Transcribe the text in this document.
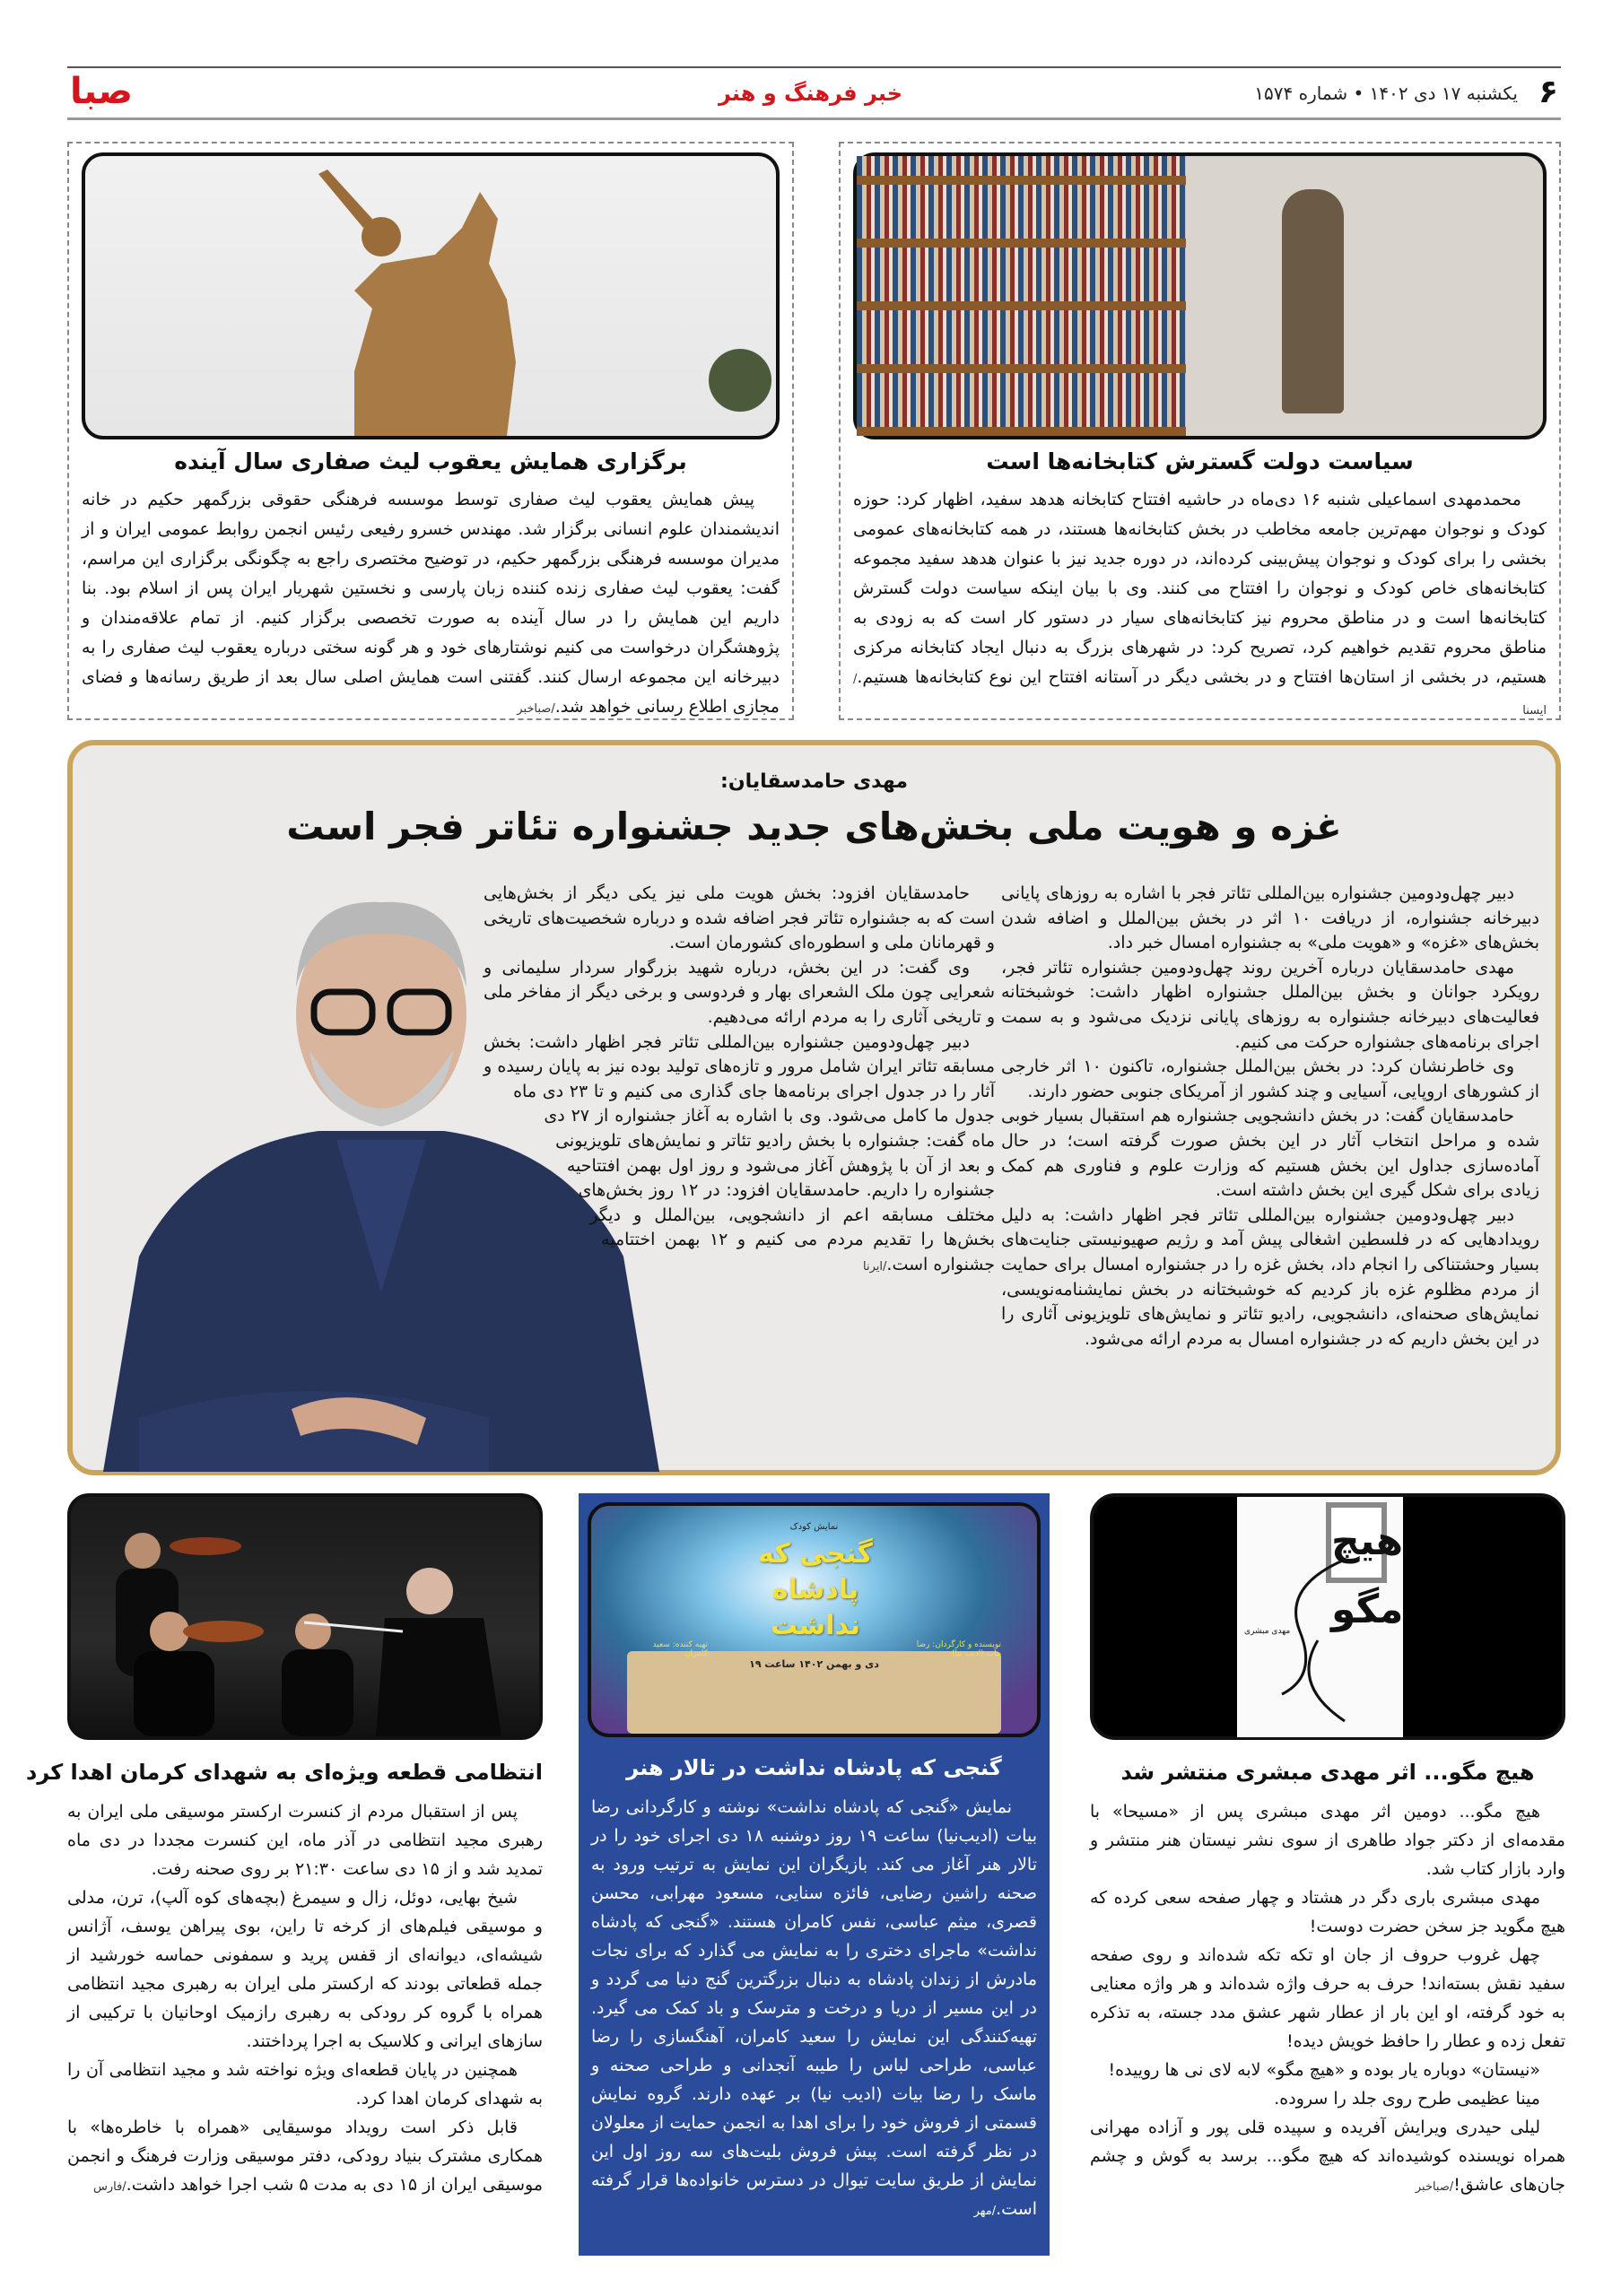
۶
یکشنبه ۱۷ دی ۱۴۰۲ • شماره ۱۵۷۴
خبر فرهنگ و هنر
صبا
سیاست دولت گسترش کتابخانه‌ها است

محمدمهدی اسماعیلی شنبه ۱۶ دی‌ماه در حاشیه افتتاح کتابخانه هدهد سفید، اظهار کرد: حوزه کودک و نوجوان مهم‌ترین جامعه مخاطب در بخش کتابخانه‌ها هستند، در همه کتابخانه‌های عمومی بخشی را برای کودک و نوجوان پیش‌بینی کرده‌اند، در دوره جدید نیز با عنوان هدهد سفید مجموعه کتابخانه‌های خاص کودک و نوجوان را افتتاح می کنند. وی با بیان اینکه سیاست دولت گسترش کتابخانه‌ها است و در مناطق محروم نیز کتابخانه‌های سیار در دستور کار است که به زودی به مناطق محروم تقدیم خواهیم کرد، تصریح کرد: در شهرهای بزرگ به دنبال ایجاد کتابخانه مرکزی هستیم، در بخشی از استان‌ها افتتاح و در بخشی دیگر در آستانه افتتاح این نوع کتابخانه‌ها هستیم./ایسنا

برگزاری همایش یعقوب لیث صفاری سال آینده

پیش همایش یعقوب لیث صفاری توسط موسسه فرهنگی حقوقی بزرگمهر حکیم در خانه اندیشمندان علوم انسانی برگزار شد. مهندس خسرو رفیعی رئیس انجمن روابط عمومی ایران و از مدیران موسسه فرهنگی بزرگمهر حکیم، در توضیح مختصری راجع به چگونگی برگزاری این مراسم، گفت: یعقوب لیث صفاری زنده کننده زبان پارسی و نخستین شهریار ایران پس از اسلام بود. بنا داریم این همایش را در سال آینده به صورت تخصصی برگزار کنیم. از تمام علاقه‌مندان و پژوهشگران درخواست می کنیم نوشتارهای خود و هر گونه سختی درباره یعقوب لیث صفاری را به دبیرخانه این مجموعه ارسال کنند. گفتنی است همایش اصلی سال بعد از طریق رسانه‌ها و فضای مجازی اطلاع رسانی خواهد شد./صباخبر

مهدی حامدسقایان:
غزه و هویت ملی بخش‌های جدید جشنواره تئاتر فجر است

دبیر چهل‌ودومین جشنواره بین‌المللی تئاتر فجر با اشاره به روزهای پایانی دبیرخانه جشنواره، از دریافت ۱۰ اثر در بخش بین‌الملل و اضافه شدن بخش‌های «غزه» و «هویت ملی» به جشنواره امسال خبر داد.

مهدی حامدسقایان درباره آخرین روند چهل‌ودومین جشنواره تئاتر فجر، رویکرد جوانان و بخش بین‌الملل جشنواره اظهار داشت: خوشبختانه فعالیت‌های دبیرخانه جشنواره به روزهای پایانی نزدیک می‌شود و به سمت اجرای برنامه‌های جشنواره حرکت می کنیم.

وی خاطرنشان کرد: در بخش بین‌الملل جشنواره، تاکنون ۱۰ اثر خارجی از کشورهای اروپایی، آسیایی و چند کشور از آمریکای جنوبی حضور دارند.

حامدسقایان گفت: در بخش دانشجویی جشنواره هم استقبال بسیار خوبی شده و مراحل انتخاب آثار در این بخش صورت گرفته است؛ در حال آماده‌سازی جداول این بخش هستیم که وزارت علوم و فناوری هم کمک زیادی برای شکل گیری این بخش داشته است.

دبیر چهل‌ودومین جشنواره بین‌المللی تئاتر فجر اظهار داشت: به دلیل رویدادهایی که در فلسطین اشغالی پیش آمد و رژیم صهیونیستی جنایت‌های بسیار وحشتناکی را انجام داد، بخش غزه را در جشنواره امسال برای حمایت از مردم مظلوم غزه باز کردیم که خوشبختانه در بخش نمایشنامه‌نویسی، نمایش‌های صحنه‌ای، دانشجویی، رادیو تئاتر و نمایش‌های تلویزیونی آثاری را در این بخش داریم که در جشنواره امسال به مردم ارائه می‌شود.

حامدسقایان افزود: بخش هویت ملی نیز یکی دیگر از بخش‌هایی است که به جشنواره تئاتر فجر اضافه شده و درباره شخصیت‌های تاریخی و قهرمانان ملی و اسطوره‌ای کشورمان است.

وی گفت: در این بخش، درباره شهید بزرگوار سردار سلیمانی و شعرایی چون ملک الشعرای بهار و فردوسی و برخی دیگر از مفاخر ملی و تاریخی آثاری را به مردم ارائه می‌دهیم.

دبیر چهل‌ودومین جشنواره بین‌المللی تئاتر فجر اظهار داشت: بخش مسابقه تئاتر ایران شامل مرور و تازه‌های تولید بوده نیز به پایان رسیده و آثار را در جدول اجرای برنامه‌ها جای گذاری می کنیم و تا ۲۳ دی ماه جدول ما کامل می‌شود. وی با اشاره به آغاز جشنواره از ۲۷ دی ماه گفت: جشنواره با بخش رادیو تئاتر و نمایش‌های تلویزیونی و بعد از آن با پژوهش آغاز می‌شود و روز اول بهمن افتتاحیه جشنواره را داریم. حامدسقایان افزود: در ۱۲ روز بخش‌های مختلف مسابقه اعم از دانشجویی، بین‌الملل و دیگر بخش‌ها را تقدیم مردم می کنیم و ۱۲ بهمن اختتامیه جشنواره است./ایرنا

هیچ مگو
مهدی مبشری
هیچ مگو... اثر مهدی مبشری منتشر شد

هیچ مگو... دومین اثر مهدی مبشری پس از «مسیحا» با مقدمه‌ای از دکتر جواد طاهری از سوی نشر نیستان هنر منتشر و وارد بازار کتاب شد.

مهدی مبشری باری دگر در هشتاد و چهار صفحه سعی کرده که هیچ مگوید جز سخن حضرت دوست!

چهل غروب حروف از جان او تکه تکه شده‌اند و روی صفحه سفید نقش بسته‌اند! حرف به حرف واژه شده‌اند و هر واژه معنایی به خود گرفته، او این بار از عطار شهر عشق مدد جسته، به تذکره تفعل زده و عطار را حافظ خویش دیده!

«نیستان» دوباره یار بوده و «هیچ مگو» لابه لای نی ها روییده!

مینا عظیمی طرح روی جلد را سروده.

لیلی حیدری ویرایش آفریده و سپیده قلی پور و آزاده مهرانی همراه نویسنده کوشیده‌اند که هیچ مگو... برسد به گوش و چشم جان‌های عاشق!/صباخبر

نمایش کودک
گنجی که پادشاه نداشت
دی و بهمن ۱۴۰۲ ساعت ۱۹
نویسنده و کارگردان: رضا بیات (ادیب نیا)
تهیه کننده: سعید کامران
گنجی که پادشاه نداشت در تالار هنر

نمایش «گنجی که پادشاه نداشت» نوشته و کارگردانی رضا بیات (ادیب‌نیا) ساعت ۱۹ روز دوشنبه ۱۸ دی اجرای خود را در تالار هنر آغاز می کند. بازیگران این نمایش به ترتیب ورود به صحنه راشین رضایی، فائزه سنایی، مسعود مهرابی، محسن قصری، میثم عباسی، نفس کامران هستند. «گنجی که پادشاه نداشت» ماجرای دختری را به نمایش می گذارد که برای نجات مادرش از زندان پادشاه به دنبال بزرگترین گنج دنیا می گردد و در این مسیر از دریا و درخت و مترسک و باد کمک می گیرد. تهیه‌کنندگی این نمایش را سعید کامران، آهنگسازی را رضا عباسی، طراحی لباس را طیبه آنجدانی و طراحی صحنه و ماسک را رضا بیات (ادیب نیا) بر عهده دارند. گروه نمایش قسمتی از فروش خود را برای اهدا به انجمن حمایت از معلولان در نظر گرفته است. پیش فروش بلیت‌های سه روز اول این نمایش از طریق سایت تیوال در دسترس خانواده‌ها قرار گرفته است./مهر

انتظامی قطعه ویژه‌ای به شهدای کرمان اهدا کرد

پس از استقبال مردم از کنسرت ارکستر موسیقی ملی ایران به رهبری مجید انتظامی در آذر ماه، این کنسرت مجددا در دی ماه تمدید شد و از ۱۵ دی ساعت ۲۱:۳۰ بر روی صحنه رفت.

شیخ بهایی، دوئل، زال و سیمرغ (بچه‌های کوه آلپ)، ترن، مدلی و موسیقی فیلم‌های از کرخه تا راین، بوی پیراهن یوسف، آژانس شیشه‌ای، دیوانه‌ای از قفس پرید و سمفونی حماسه خورشید از جمله قطعاتی بودند که ارکستر ملی ایران به رهبری مجید انتظامی همراه با گروه کر رودکی به رهبری رازمیک اوحانیان با ترکیبی از سازهای ایرانی و کلاسیک به اجرا پرداختند.

همچنین در پایان قطعه‌ای ویژه نواخته شد و مجید انتظامی آن را به شهدای کرمان اهدا کرد.

قابل ذکر است رویداد موسیقایی «همراه با خاطره‌ها» با همکاری مشترک بنیاد رودکی، دفتر موسیقی وزارت فرهنگ و انجمن موسیقی ایران از ۱۵ دی به مدت ۵ شب اجرا خواهد داشت./فارس
